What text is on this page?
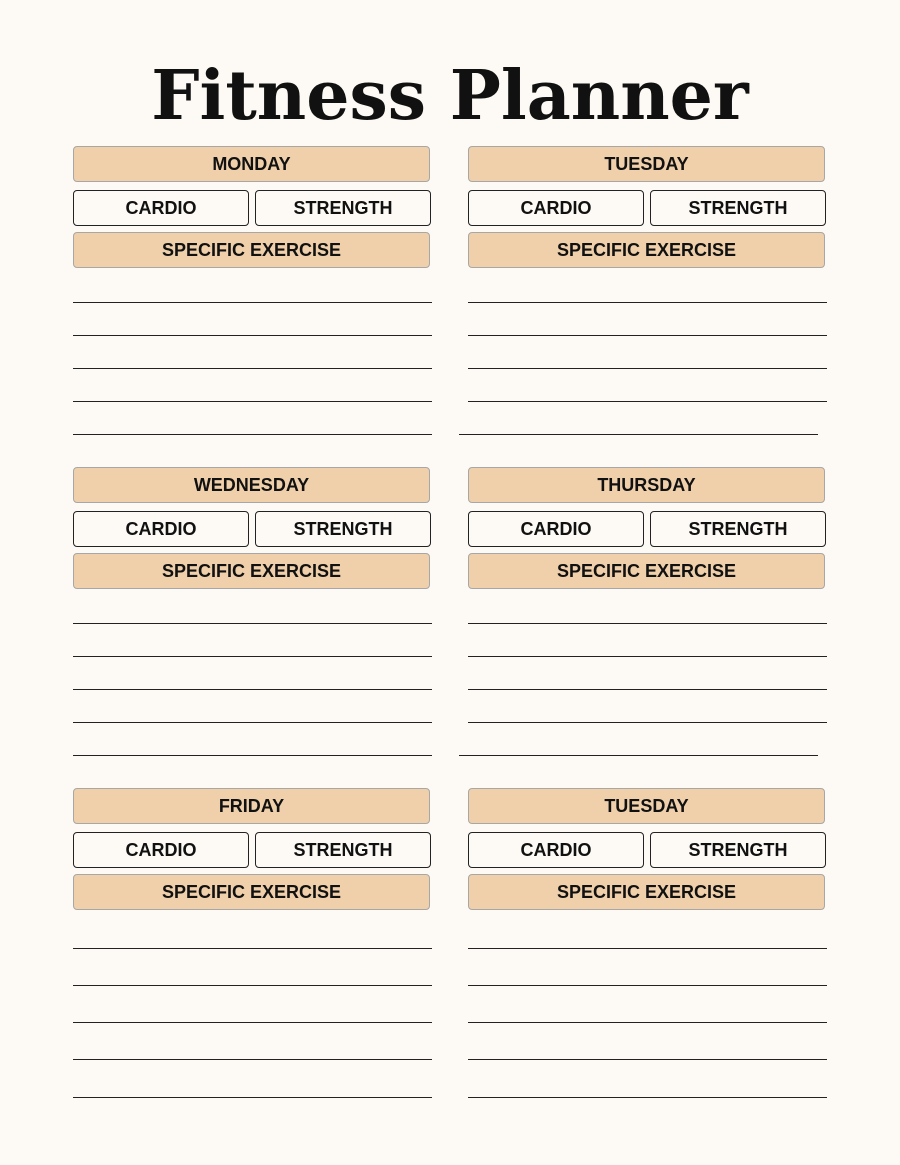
Fitness Planner
MONDAY
CARDIO	STRENGTH
SPECIFIC EXERCISE
TUESDAY
CARDIO	STRENGTH
SPECIFIC EXERCISE
WEDNESDAY
CARDIO	STRENGTH
SPECIFIC EXERCISE
THURSDAY
CARDIO	STRENGTH
SPECIFIC EXERCISE
FRIDAY
CARDIO	STRENGTH
SPECIFIC EXERCISE
TUESDAY
CARDIO	STRENGTH
SPECIFIC EXERCISE
